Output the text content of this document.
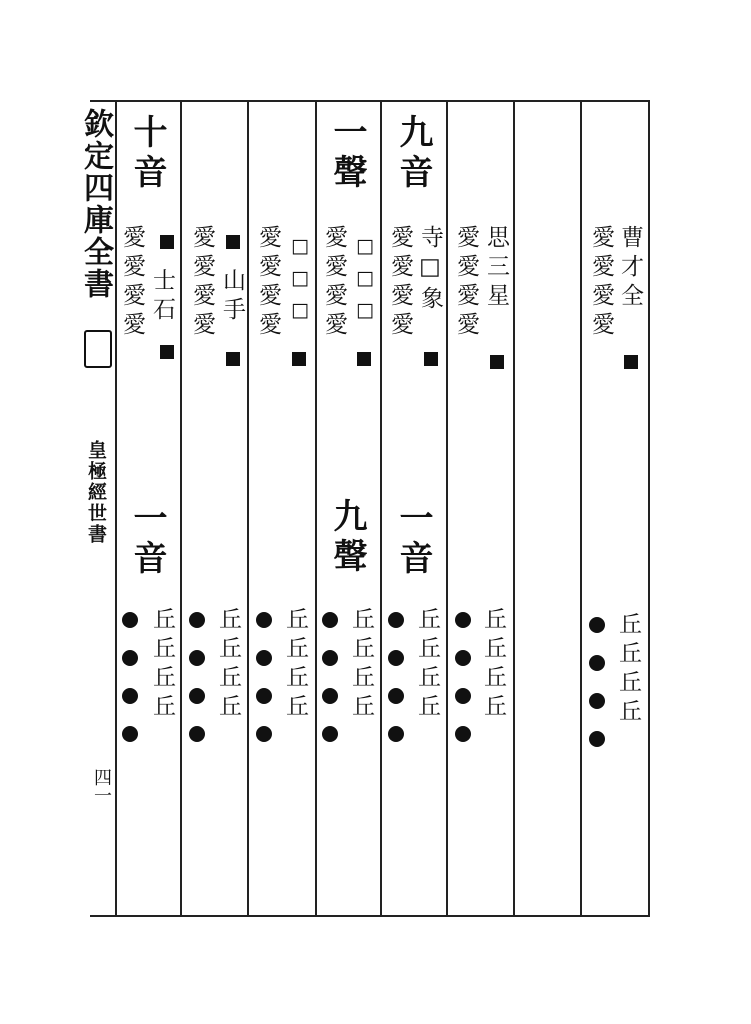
欽定四庫全書
皇極經世書
四一
十音
愛愛愛愛 士石
一音
丘丘丘丘
愛愛愛愛 山手
丘丘丘丘
愛愛愛愛 □□□
丘丘丘丘
一聲
愛愛愛愛 □□□
九聲
丘丘丘丘
九音
愛愛愛愛 寺□象
一音
丘丘丘丘
愛愛愛愛 思三星
丘丘丘丘
愛愛愛愛 曹才全
丘丘丘丘
